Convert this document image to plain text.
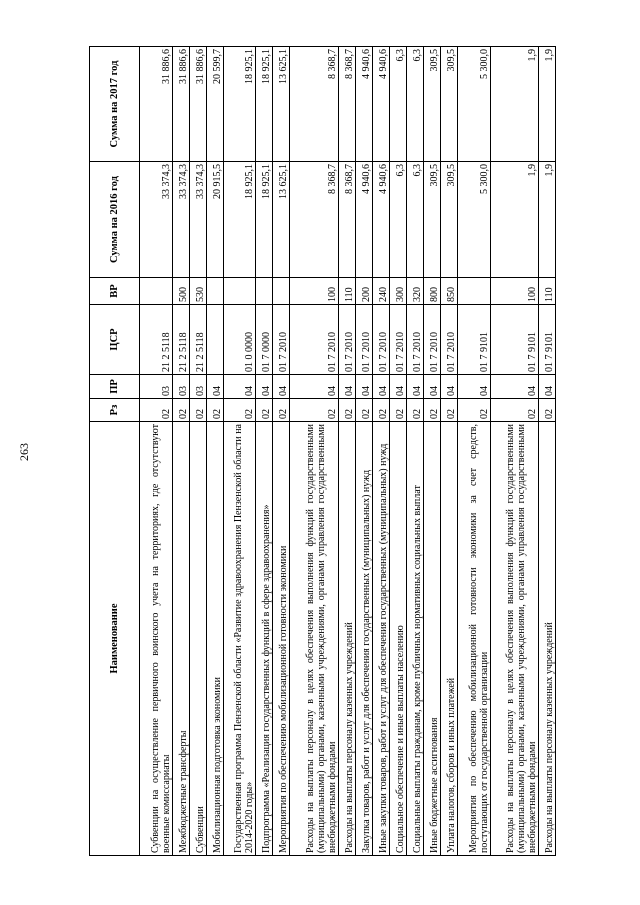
263
Наименование	Рз	ПР	ЦСР	ВР	Сумма на 2016 год	Сумма на 2017 год
Субвенции на осуществление первичного воинского учета на территориях, где отсутствуют военные комиссариаты	02	03	21 2 5118		33 374,3	31 886,6
Межбюджетные трансферты	02	03	21 2 5118	500	33 374,3	31 886,6
Субвенции	02	03	21 2 5118	530	33 374,3	31 886,6
Мобилизационная подготовка экономики	02	04			20 915,5	20 599,7
Государственная программа Пензенской области «Развитие здравоохранения Пензенской области на 2014-2020 годы»	02	04	01 0 0000		18 925,1	18 925,1
Подпрограмма «Реализация государственных функций в сфере здравоохранения»	02	04	01 7 0000		18 925,1	18 925,1
Мероприятия по обеспечению мобилизационной готовности экономики	02	04	01 7 2010		13 625,1	13 625,1
Расходы на выплаты персоналу в целях обеспечения выполнения функций государственными (муниципальными) органами, казенными учреждениями, органами управления государственными внебюджетными фондами	02	04	01 7 2010	100	8 368,7	8 368,7
Расходы на выплаты персоналу казенных учреждений	02	04	01 7 2010	110	8 368,7	8 368,7
Закупка товаров, работ и услуг для обеспечения государственных (муниципальных) нужд	02	04	01 7 2010	200	4 940,6	4 940,6
Иные закупки товаров, работ и услуг для обеспечения государственных (муниципальных) нужд	02	04	01 7 2010	240	4 940,6	4 940,6
Социальное обеспечение и иные выплаты населению	02	04	01 7 2010	300	6,3	6,3
Социальные выплаты гражданам, кроме публичных нормативных социальных выплат	02	04	01 7 2010	320	6,3	6,3
Иные бюджетные ассигнования	02	04	01 7 2010	800	309,5	309,5
Уплата налогов, сборов и иных платежей	02	04	01 7 2010	850	309,5	309,5
Мероприятия по обеспечению мобилизационной готовности экономики за счет средств, поступающих от государственной организации	02	04	01 7 9101		5 300,0	5 300,0
Расходы на выплаты персоналу в целях обеспечения выполнения функций государственными (муниципальными) органами, казенными учреждениями, органами управления государственными внебюджетными фондами	02	04	01 7 9101	100	1,9	1,9
Расходы на выплаты персоналу казенных учреждений	02	04	01 7 9101	110	1,9	1,9
